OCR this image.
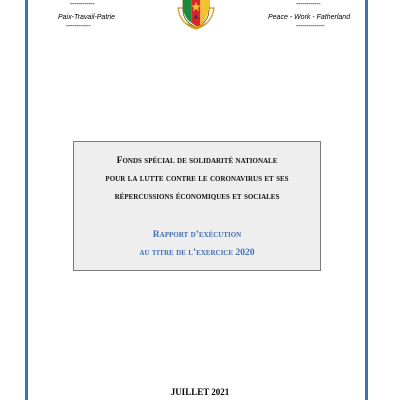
------------
Paix-Travail-Patrie
------------
------------
Peace - Work - Fatherland
--------------
Fonds spécial de solidarité nationale
pour la lutte contre le coronavirus et ses
répercussions économiques et sociales
Rapport d’exécution
au titre de l’exercice 2020
JUILLET 2021
